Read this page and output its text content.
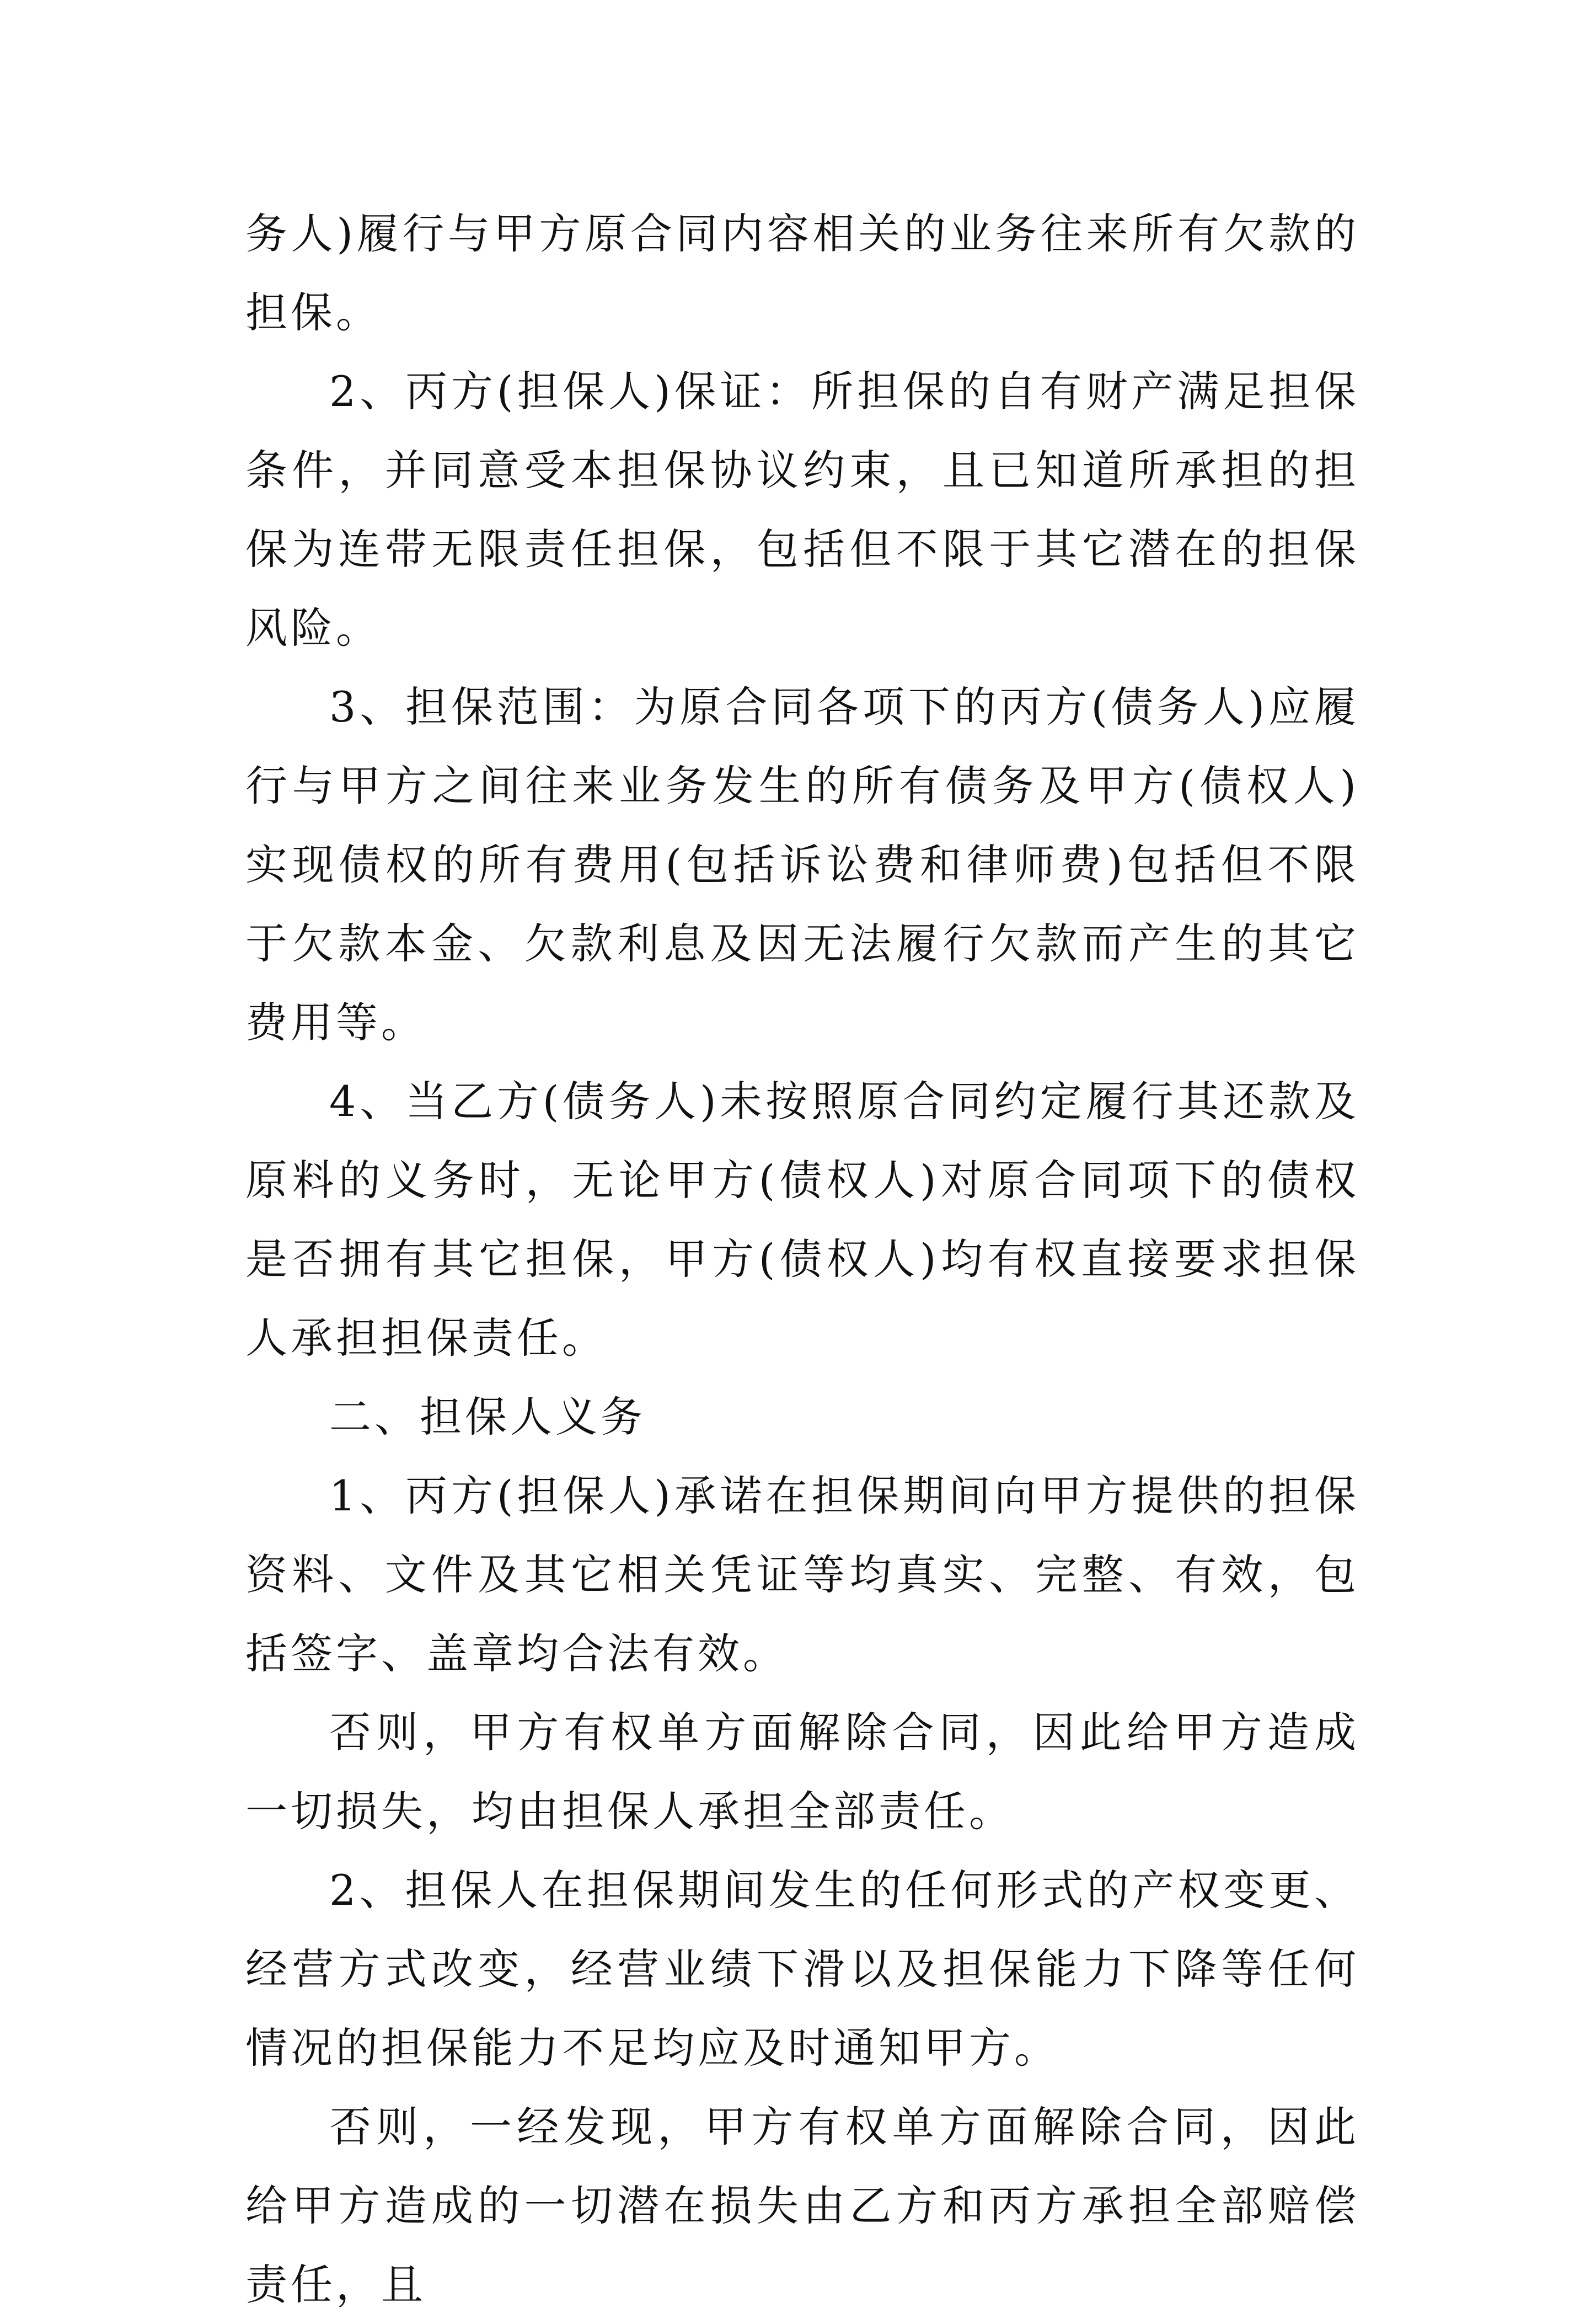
务人)履行与甲方原合同内容相关的业务往来所有欠款的担保。

2、丙方(担保人)保证：所担保的自有财产满足担保条件，并同意受本担保协议约束，且已知道所承担的担保为连带无限责任担保，包括但不限于其它潜在的担保风险。

3、担保范围：为原合同各项下的丙方(债务人)应履行与甲方之间往来业务发生的所有债务及甲方(债权人)实现债权的所有费用(包括诉讼费和律师费)包括但不限于欠款本金、欠款利息及因无法履行欠款而产生的其它费用等。

4、当乙方(债务人)未按照原合同约定履行其还款及原料的义务时，无论甲方(债权人)对原合同项下的债权是否拥有其它担保，甲方(债权人)均有权直接要求担保人承担担保责任。

二、担保人义务

1、丙方(担保人)承诺在担保期间向甲方提供的担保资料、文件及其它相关凭证等均真实、完整、有效，包括签字、盖章均合法有效。

否则，甲方有权单方面解除合同，因此给甲方造成一切损失，均由担保人承担全部责任。

2、担保人在担保期间发生的任何形式的产权变更、经营方式改变，经营业绩下滑以及担保能力下降等任何情况的担保能力不足均应及时通知甲方。

否则，一经发现，甲方有权单方面解除合同，因此给甲方造成的一切潜在损失由乙方和丙方承担全部赔偿责任，且
